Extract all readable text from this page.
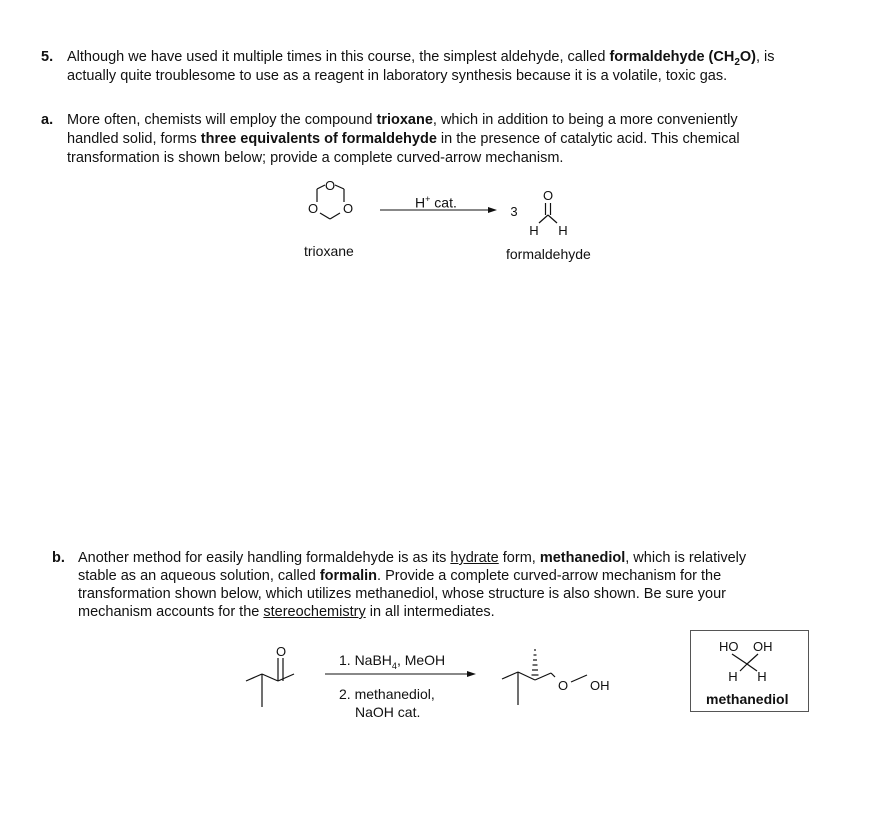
5. Although we have used it multiple times in this course, the simplest aldehyde, called formaldehyde $(CH_2O)$, is
actually quite troublesome to use as a reagent in laboratory synthesis because it is a volatile, toxic gas.
a. More often, chemists will employ the compound trioxane, which in addition to being a more conveniently
handled solid, forms three equivalents of formaldehyde in the presence of catalytic acid. This chemical
transformation is shown below; provide a complete curved-arrow mechanism.
O
O
O
O
3
H H
O
O OH
HO OH
H H
H+ cat.
trioxane	formaldehyde
b. Another method for easily handling formaldehyde is as its hydrate form, methanediol, which is relatively
stable as an aqueous solution, called formalin. Provide a complete curved-arrow mechanism for the
transformation shown below, which utilizes methanediol, whose structure is also shown. Be sure your
mechanism accounts for the stereochemistry in all intermediates.
1. NaBH$_4$, MeOH
2. methanediol,
NaOH cat.
methanediol
